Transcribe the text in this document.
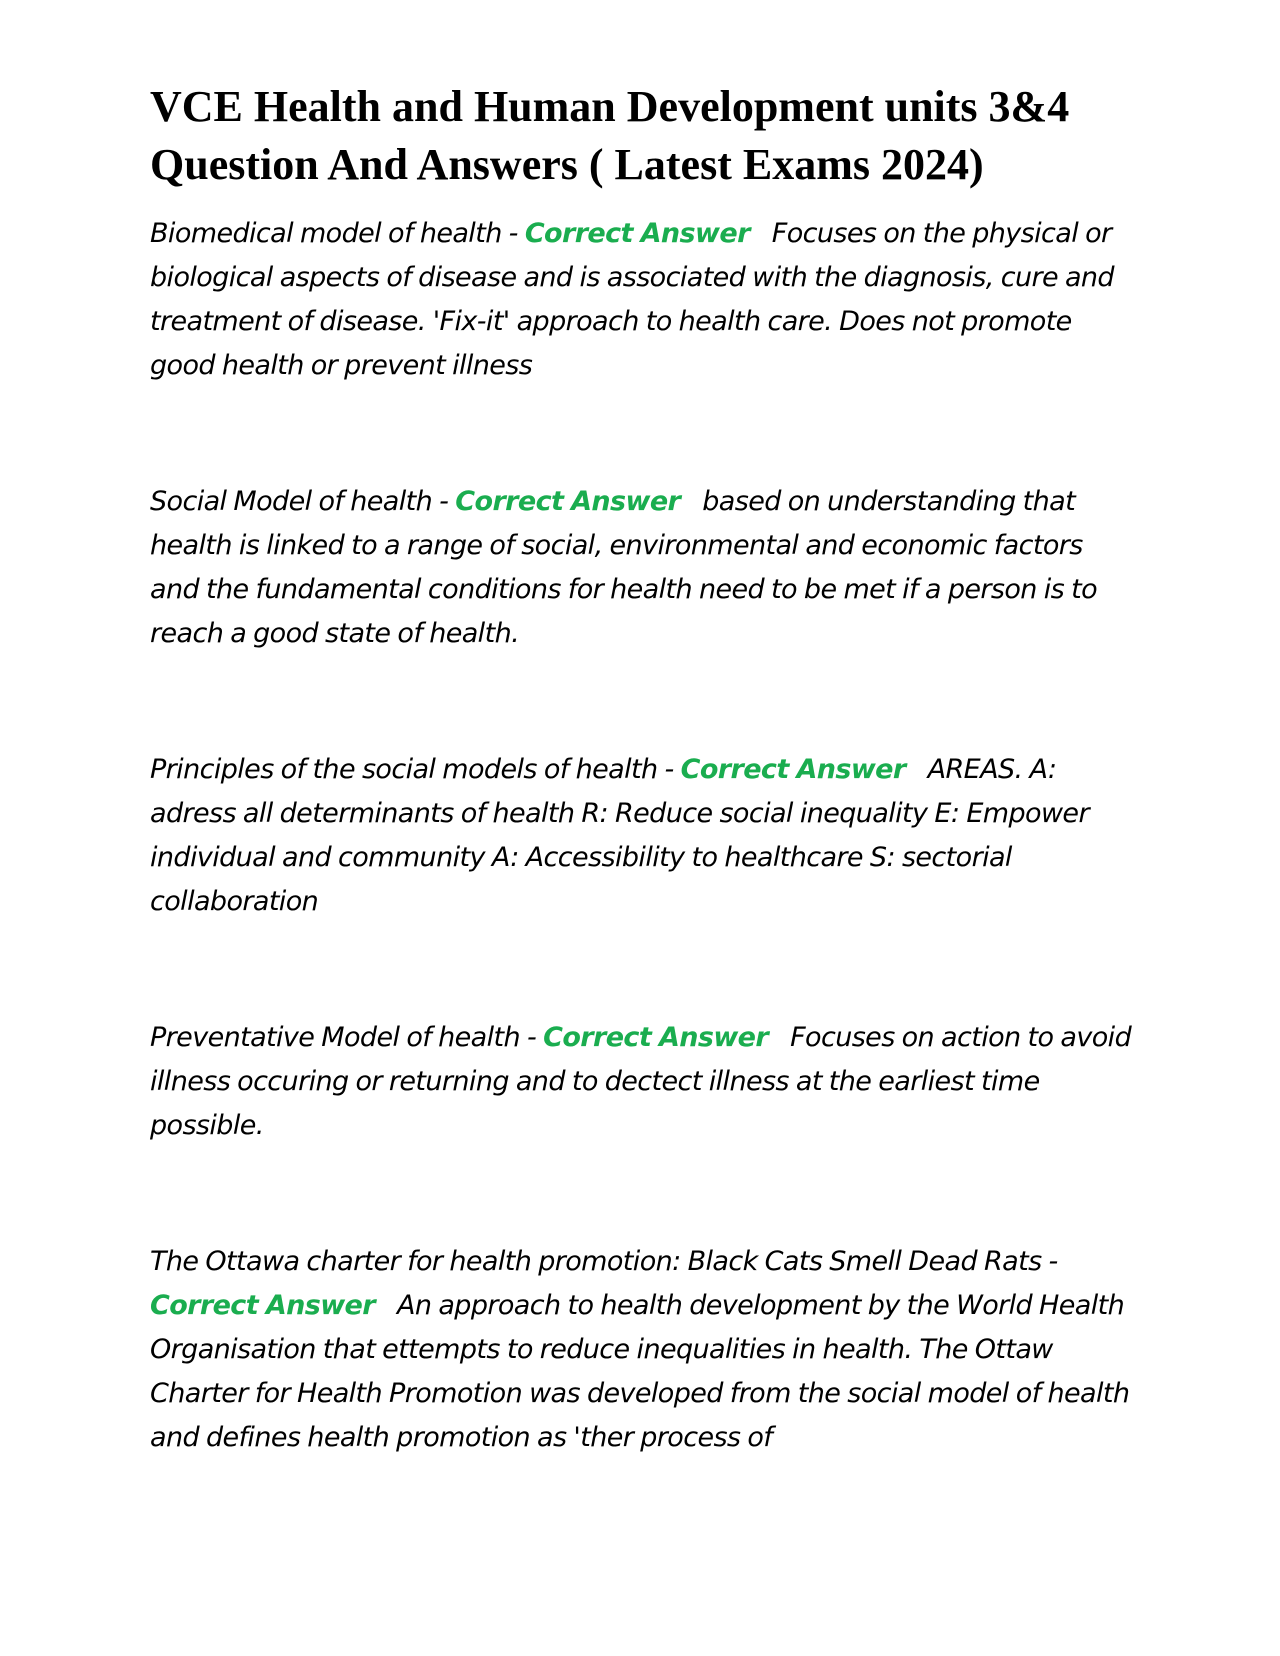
VCE Health and Human Development units 3&4 Question And Answers ( Latest Exams 2024)

Biomedical model of health - Correct Answer Focuses on the physical or biological aspects of disease and is associated with the diagnosis, cure and treatment of disease. 'Fix-it' approach to health care. Does not promote good health or prevent illness

Social Model of health - Correct Answer based on understanding that health is linked to a range of social, environmental and economic factors and the fundamental conditions for health need to be met if a person is to reach a good state of health.

Principles of the social models of health - Correct Answer AREAS. A: adress all determinants of health R: Reduce social inequality E: Empower individual and community A: Accessibility to healthcare S: sectorial collaboration

Preventative Model of health - Correct Answer Focuses on action to avoid illness occuring or returning and to dectect illness at the earliest time possible.

The Ottawa charter for health promotion: Black Cats Smell Dead Rats - Correct Answer An approach to health development by the World Health Organisation that ettempts to reduce inequalities in health. The Ottaw Charter for Health Promotion was developed from the social model of health and defines health promotion as 'ther process of
